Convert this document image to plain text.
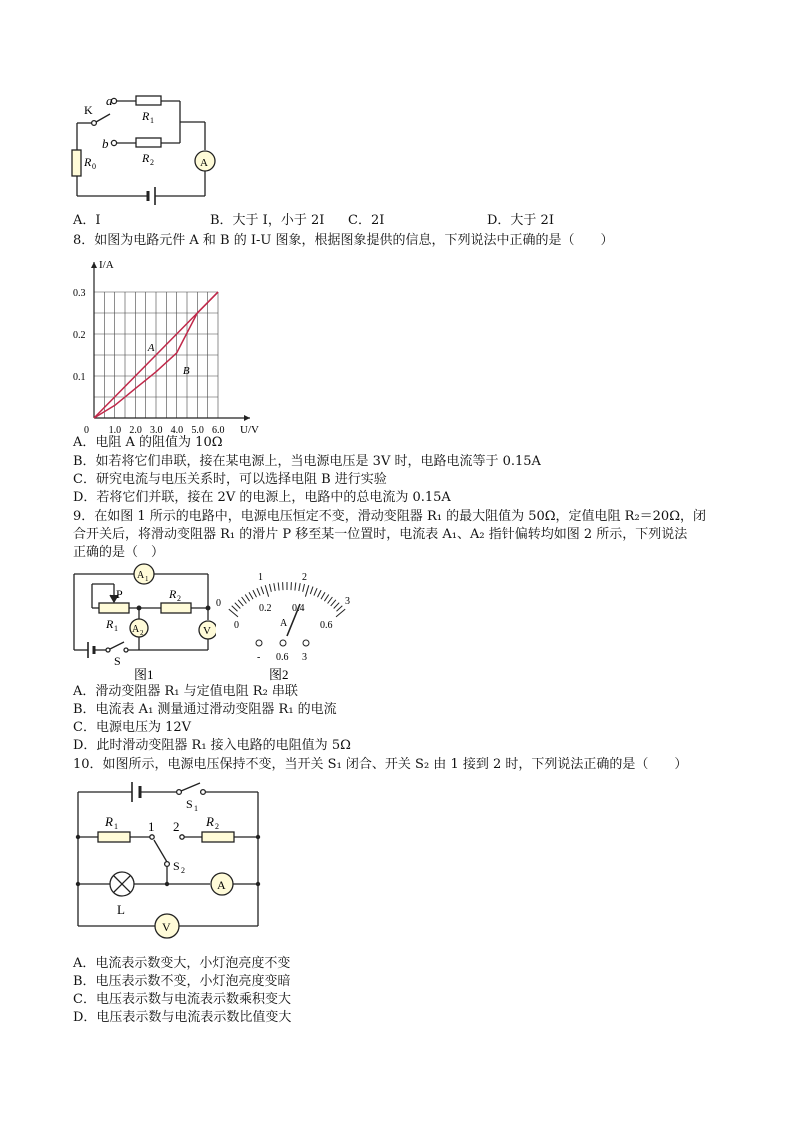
a
K
b
R 1
R 2
R 0	A
A．I	B．大于 I，小于 2I C．2I	D．大于 2I
8．如图为电路元件 A 和 B 的 I-U 图象，根据图象提供的信息，下列说法中正确的是（　　）
0 1.0 2.0 3.0 4.0 5.0 6.0
0.1
0.2
0.3
U/V
I/A
A
B
A．电阻 A 的阻值为 10Ω
B．如若将它们串联，接在某电源上，当电源电压是 3V 时，电路电流等于 0.15A
C．研究电流与电压关系时，可以选择电阻 B 进行实验
D．若将它们并联，接在 2V 的电源上，电路中的总电流为 0.15A
9．在如图 1 所示的电路中，电源电压恒定不变，滑动变阻器 R₁ 的最大阻值为 50Ω，定值电阻 R₂＝20Ω，闭
合开关后，将滑动变阻器 R₁ 的滑片 P 移至某一位置时，电流表 A₁、A₂ 指针偏转均如图 2 所示，下列说法
正确的是（　）
A 1
P
R 1
R 2
A 2	V
S
图1
0
1	2
3
0
0.2 0.4
0.6
A
- 0.6 3
图2
A．滑动变阻器 R₁ 与定值电阻 R₂ 串联
B．电流表 A₁ 测量通过滑动变阻器 R₁ 的电流
C．电源电压为 12V
D．此时滑动变阻器 R₁ 接入电路的电阻值为 5Ω
10．如图所示，电源电压保持不变，当开关 S₁ 闭合、开关 S₂ 由 1 接到 2 时，下列说法正确的是（　　）
S 1
R 1	R 2
1 2
S 2
A
L
V
A．电流表示数变大，小灯泡亮度不变
B．电压表示数不变，小灯泡亮度变暗
C．电压表示数与电流表示数乘积变大
D．电压表示数与电流表示数比值变大
